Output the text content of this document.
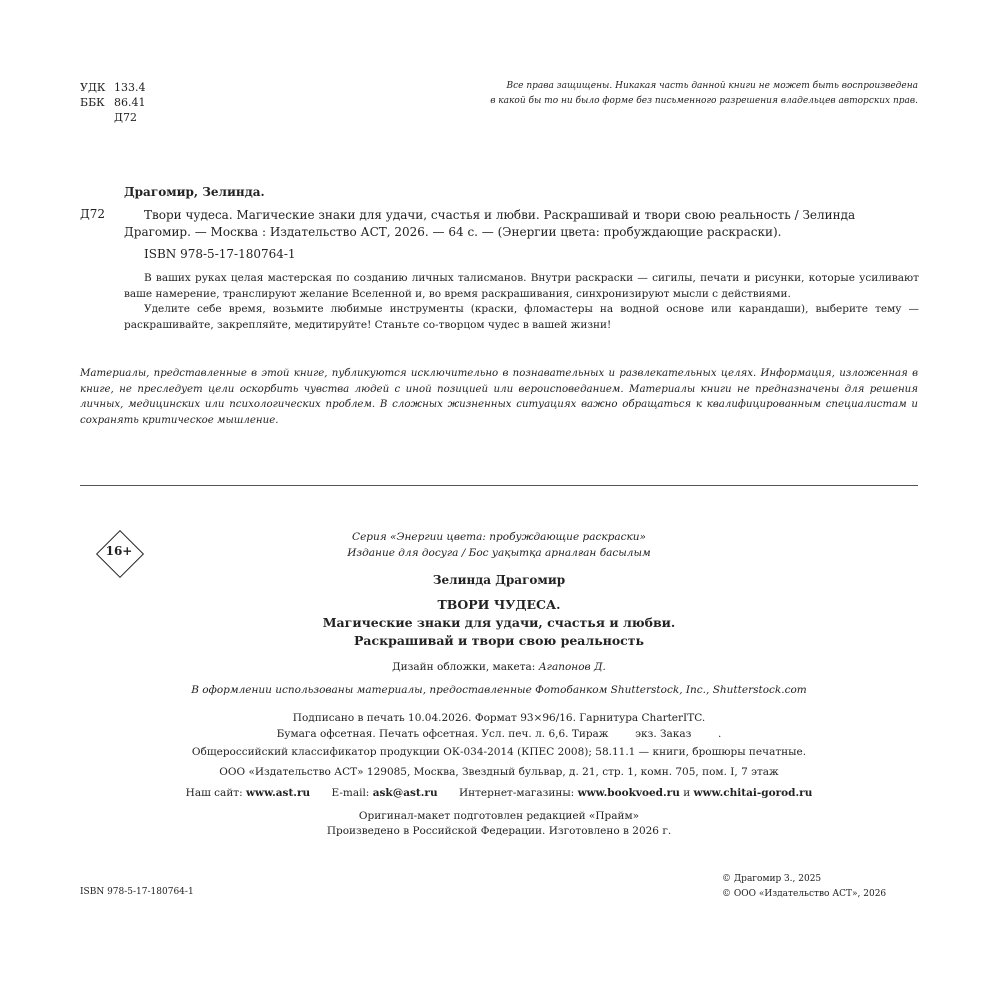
УДК 133.4
ББК 86.41
Д72
Все права защищены. Никакая часть данной книги не может быть воспроизведена
в какой бы то ни было форме без письменного разрешения владельцев авторских прав.
Драгомир, Зелинда.
Д72	Твори чудеса. Магические знаки для удачи, счастья и любви. Раскрашивай и твори свою реальность / Зелинда
Драгомир. — Москва : Издательство АСТ, 2026. — 64 с. — (Энергии цвета: пробуждающие раскраски).
ISBN 978-5-17-180764-1

В ваших руках целая мастерская по созданию личных талисманов. Внутри раскраски — сигилы, печати и рисунки, которые усиливают ваше намерение, транслируют желание Вселенной и, во время раскрашивания, синхронизируют мысли с действиями.

Уделите себе время, возьмите любимые инструменты (краски, фломастеры на водной основе или карандаши), выберите тему — раскрашивайте, закрепляйте, медитируйте! Станьте со-творцом чудес в вашей жизни!

Материалы, представленные в этой книге, публикуются исключительно в познавательных и развлекательных целях. Информация, изложенная в книге, не преследует цели оскорбить чувства людей с иной позицией или вероисповеданием. Материалы книги не предназначены для решения личных, медицинских или психологических проблем. В сложных жизненных ситуациях важно обращаться к квалифицированным специалистам и сохранять критическое мышление.
16+
Серия «Энергии цвета: пробуждающие раскраски»
Издание для досуга / Бос уақытқа арналған басылым
Зелинда Драгомир
ТВОРИ ЧУДЕСА.
Магические знаки для удачи, счастья и любви.
Раскрашивай и твори свою реальность
Дизайн обложки, макета: Агапонов Д.
В оформлении использованы материалы, предоставленные Фотобанком Shutterstock, Inc., Shutterstock.com
Подписано в печать 10.04.2026. Формат 93×96/16. Гарнитура CharterITC.
Бумага офсетная. Печать офсетная. Усл. печ. л. 6,6. Тираж        экз. Заказ        .
Общероссийский классификатор продукции ОК-034-2014 (КПЕС 2008); 58.11.1 — книги, брошюры печатные.
ООО «Издательство АСТ» 129085, Москва, Звездный бульвар, д. 21, стр. 1, комн. 705, пом. I, 7 этаж
Наш сайт: www.ast.ru E-mail: ask@ast.ru Интернет-магазины: www.bookvoed.ru и www.chitai-gorod.ru
Оригинал-макет подготовлен редакцией «Прайм»
Произведено в Российской Федерации. Изготовлено в 2026 г.
ISBN 978-5-17-180764-1
© Драгомир З., 2025
© ООО «Издательство АСТ», 2026
